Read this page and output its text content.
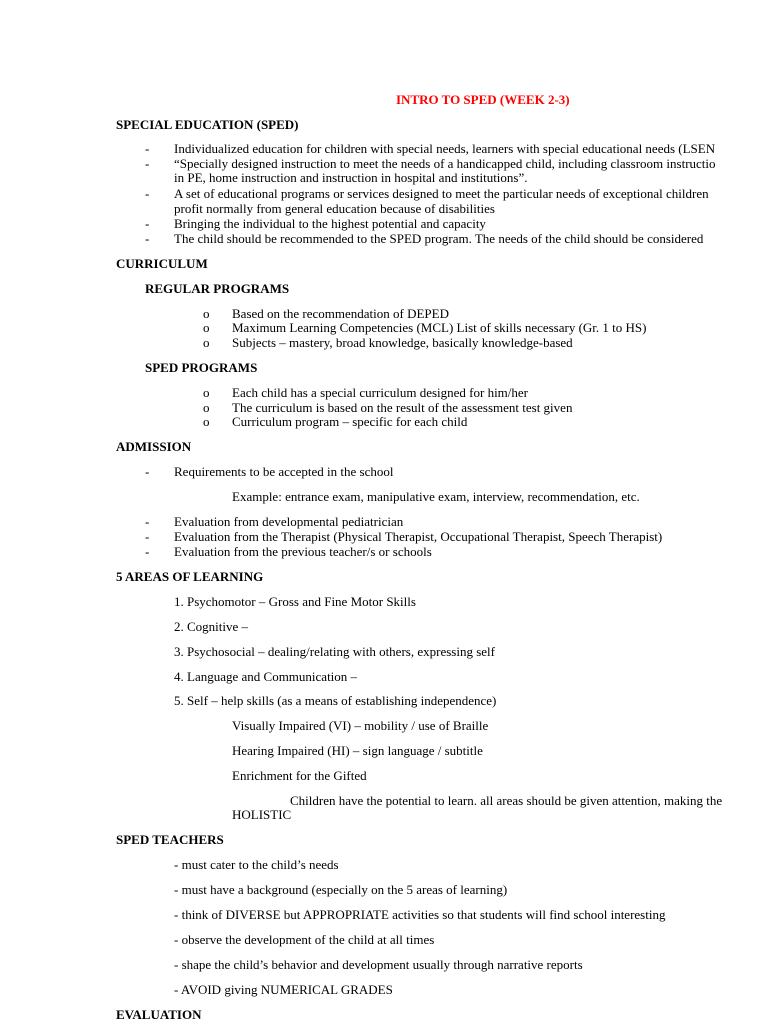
INTRO TO SPED (WEEK 2-3)
SPECIAL EDUCATION (SPED)
- Individualized education for children with special needs, learners with special educational needs (LSEN
- “Specially designed instruction to meet the needs of a handicapped child, including classroom instructio
in PE, home instruction and instruction in hospital and institutions”.
- A set of educational programs or services designed to meet the particular needs of exceptional children
profit normally from general education because of disabilities
- Bringing the individual to the highest potential and capacity
- The child should be recommended to the SPED program. The needs of the child should be considered
CURRICULUM
REGULAR PROGRAMS
o Based on the recommendation of DEPED
o Maximum Learning Competencies (MCL) List of skills necessary (Gr. 1 to HS)
o Subjects – mastery, broad knowledge, basically knowledge-based
SPED PROGRAMS
o Each child has a special curriculum designed for him/her
o The curriculum is based on the result of the assessment test given
o Curriculum program – specific for each child
ADMISSION
- Requirements to be accepted in the school
Example: entrance exam, manipulative exam, interview, recommendation, etc.
- Evaluation from developmental pediatrician
- Evaluation from the Therapist (Physical Therapist, Occupational Therapist, Speech Therapist)
- Evaluation from the previous teacher/s or schools
5 AREAS OF LEARNING
1. Psychomotor – Gross and Fine Motor Skills
2. Cognitive –
3. Psychosocial – dealing/relating with others, expressing self
4. Language and Communication –
5. Self – help skills (as a means of establishing independence)
Visually Impaired (VI) – mobility / use of Braille
Hearing Impaired (HI) – sign language / subtitle
Enrichment for the Gifted
Children have the potential to learn. all areas should be given attention, making the
HOLISTIC
SPED TEACHERS
- must cater to the child’s needs
- must have a background (especially on the 5 areas of learning)
- think of DIVERSE but APPROPRIATE activities so that students will find school interesting
- observe the development of the child at all times
- shape the child’s behavior and development usually through narrative reports
- AVOID giving NUMERICAL GRADES
EVALUATION
